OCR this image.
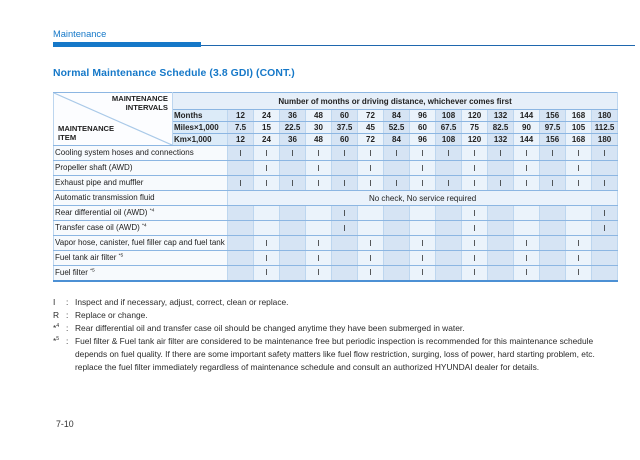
Maintenance
Normal Maintenance Schedule (3.8 GDI) (CONT.)
MAINTENANCE
INTERVALS
MAINTENANCE
ITEM	Number of months or driving distance, whichever comes first															
	Months	12	24	36	48	60	72	84	96	108	120	132	144	156	168	180
	Miles×1,000	7.5	15	22.5	30	37.5	45	52.5	60	67.5	75	82.5	90	97.5	105	112.5
	Km×1,000	12	24	36	48	60	72	84	96	108	120	132	144	156	168	180
Cooling system hoses and connections		I	I	I	I	I	I	I	I	I	I	I	I	I	I	I
Propeller shaft (AWD)			I		I		I		I		I		I		I	
Exhaust pipe and muffler		I	I	I	I	I	I	I	I	I	I	I	I	I	I	I
Automatic transmission fluid		No check, No service required														
Rear differential oil (AWD) $^{*4}$						I					I					I
Transfer case oil (AWD) $^{*4}$						I					I					I
Vapor hose, canister, fuel filler cap and fuel tank			I		I		I		I		I		I		I	
Fuel tank air filter $^{*5}$			I		I		I		I		I		I		I	
Fuel filter $^{*5}$			I		I		I		I		I		I		I	
I	: Inspect and if necessary, adjust, correct, clean or replace.
R : Replace or change.
*$^4$ : Rear differential oil and transfer case oil should be changed anytime they have been submerged in water.
*$^5$ : Fuel filter & Fuel tank air filter are considered to be maintenance free but periodic inspection is recommended for this maintenance schedule depends on fuel quality. If there are some important safety matters like fuel flow restriction, surging, loss of power, hard starting problem, etc. replace the fuel filter immediately regardless of maintenance schedule and consult an authorized HYUNDAI dealer for details.
7-10
